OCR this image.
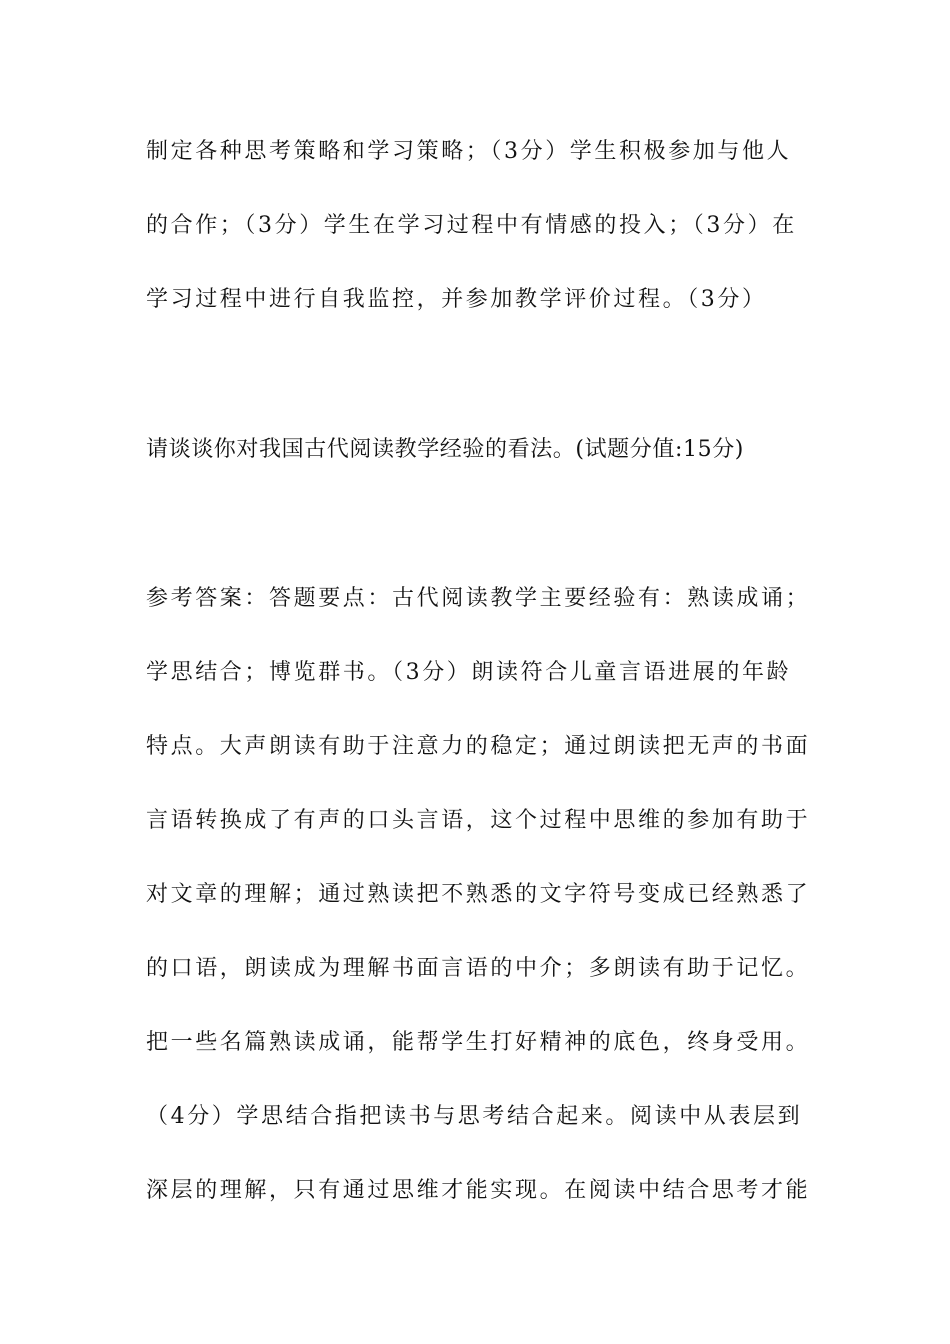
制定各种思考策略和学习策略；（3分）学生积极参加与他人
的合作；（3分）学生在学习过程中有情感的投入；（3分）在
学习过程中进行自我监控，并参加教学评价过程。（3分）
请谈谈你对我国古代阅读教学经验的看法。(试题分值:15分)
参考答案：答题要点：古代阅读教学主要经验有：熟读成诵；
学思结合；博览群书。（3分）朗读符合儿童言语进展的年龄
特点。大声朗读有助于注意力的稳定；通过朗读把无声的书面
言语转换成了有声的口头言语，这个过程中思维的参加有助于
对文章的理解；通过熟读把不熟悉的文字符号变成已经熟悉了
的口语，朗读成为理解书面言语的中介；多朗读有助于记忆。
把一些名篇熟读成诵，能帮学生打好精神的底色，终身受用。
（4分）学思结合指把读书与思考结合起来。阅读中从表层到
深层的理解，只有通过思维才能实现。在阅读中结合思考才能
